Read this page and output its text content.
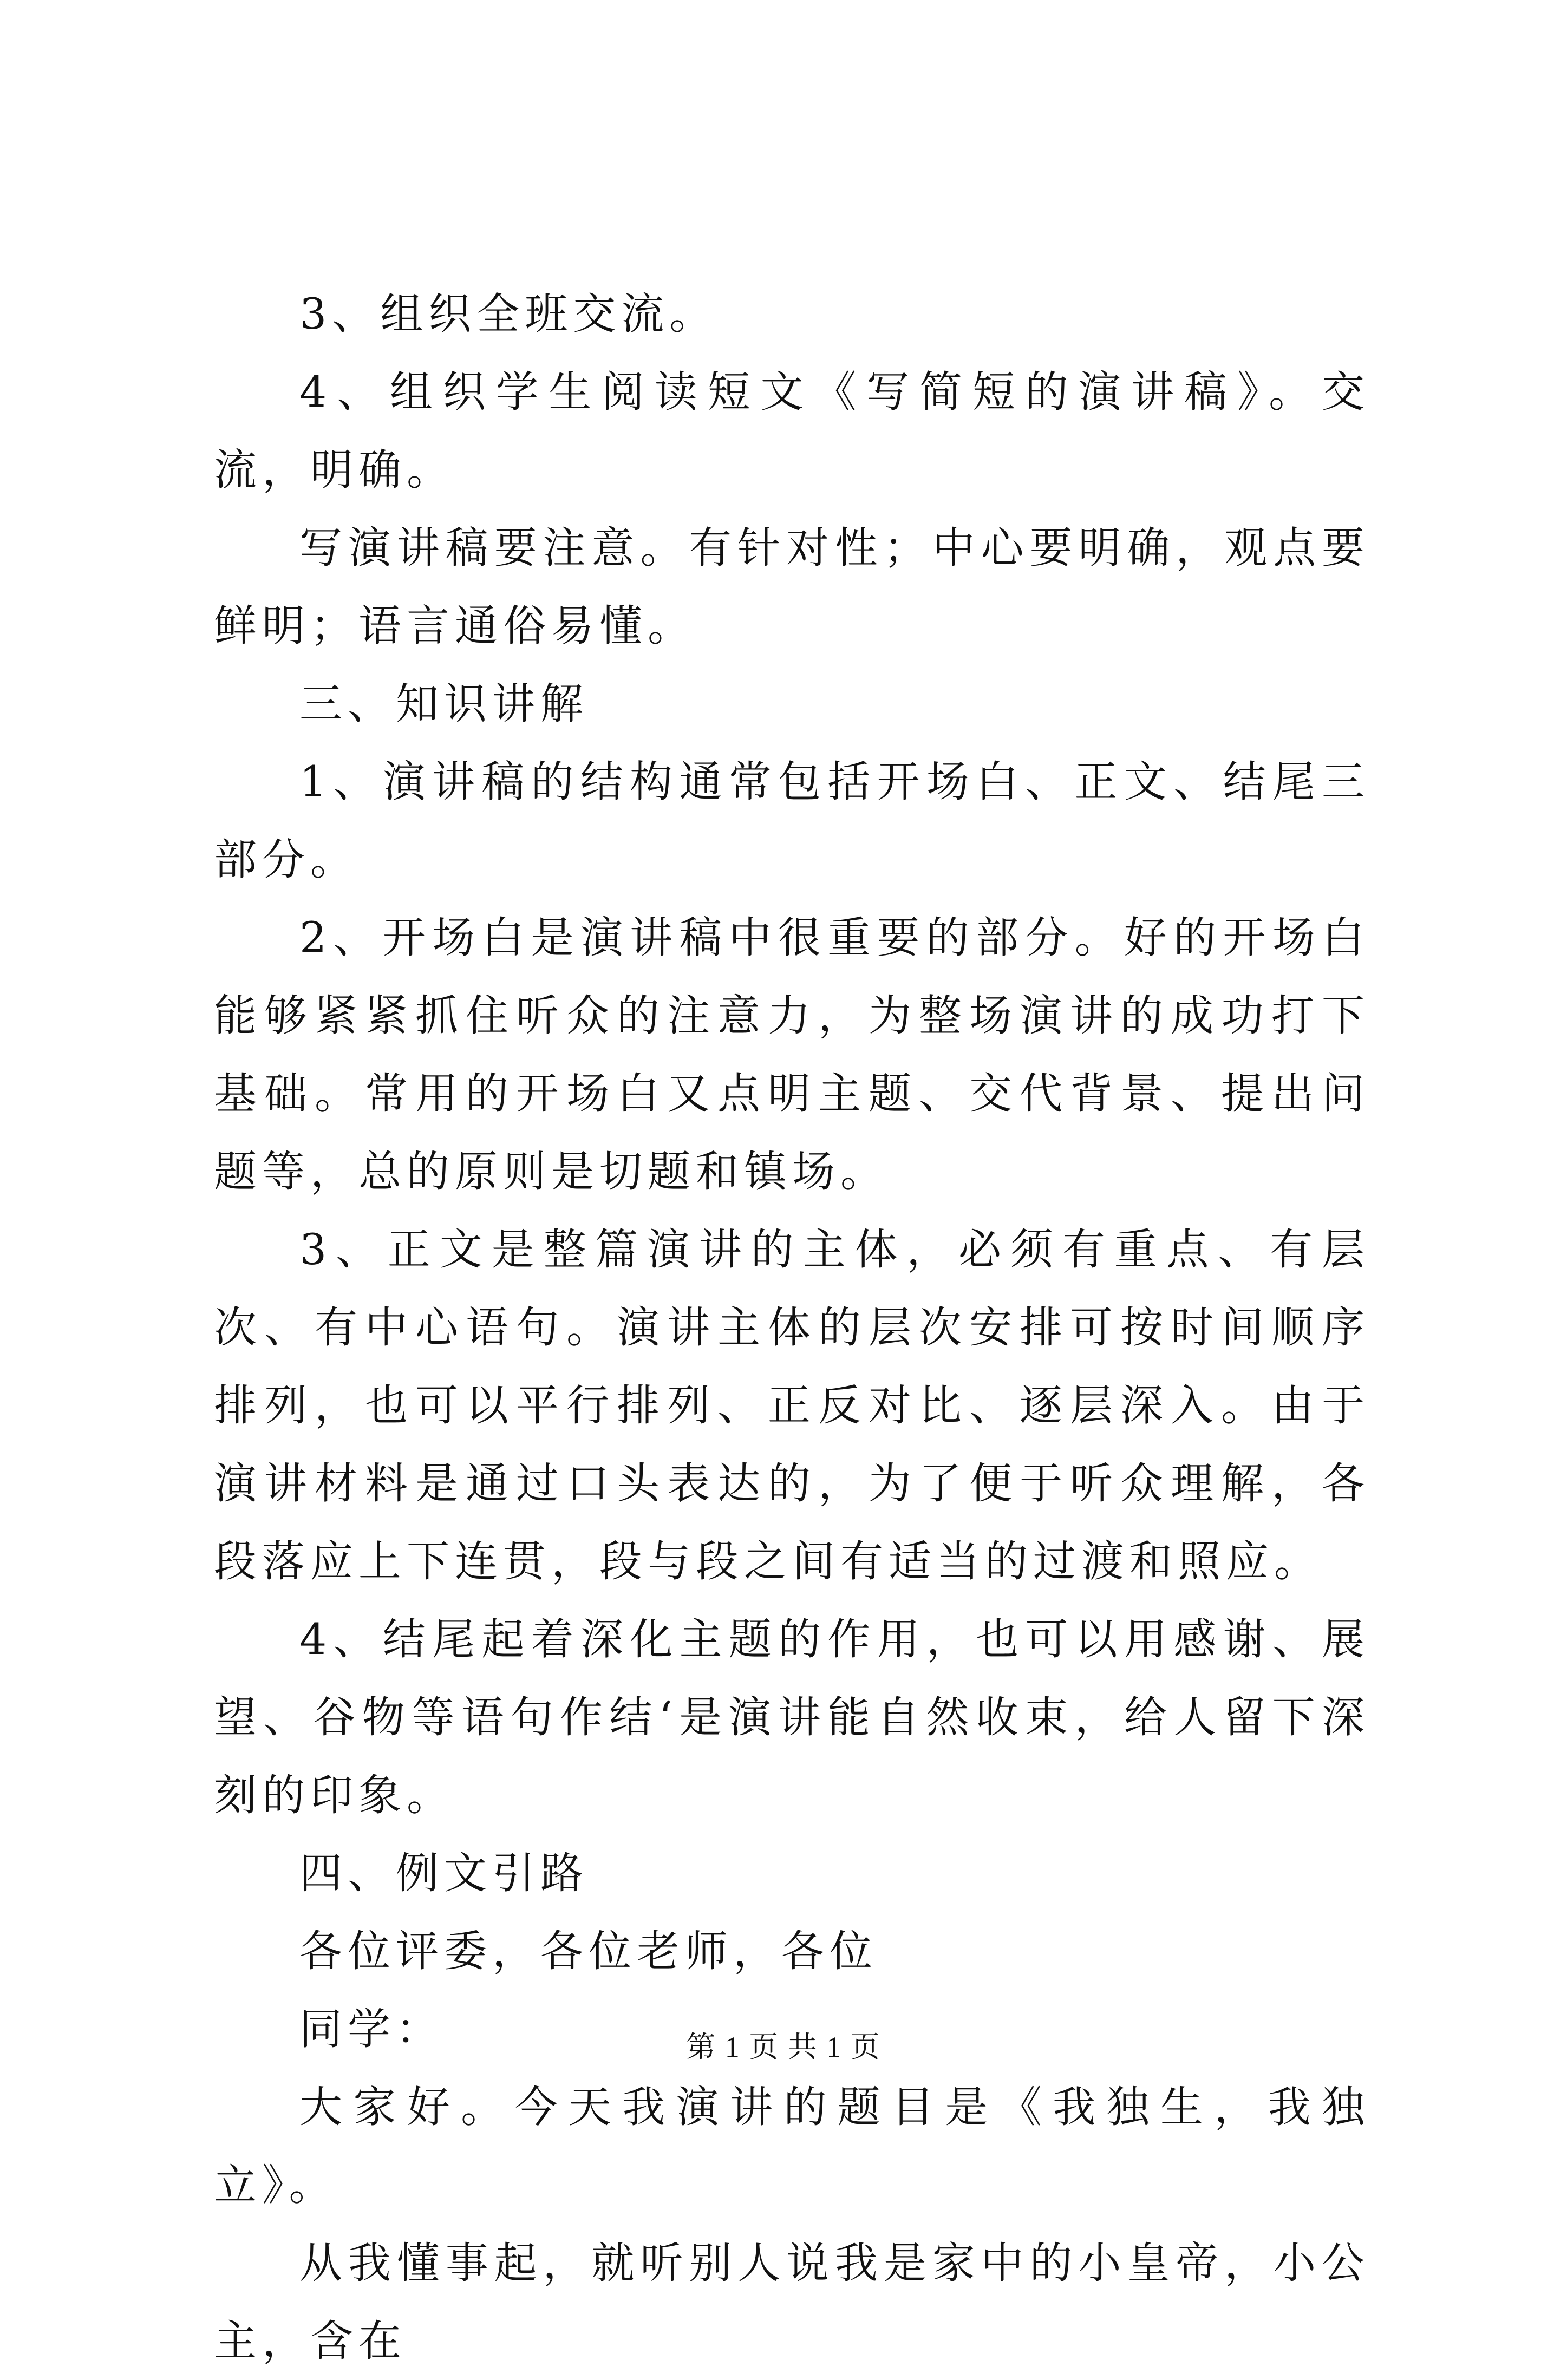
3、组织全班交流。

4、组织学生阅读短文《写简短的演讲稿》。交流，明确。

写演讲稿要注意。有针对性；中心要明确，观点要鲜明；语言通俗易懂。

三、知识讲解

1、演讲稿的结构通常包括开场白、正文、结尾三部分。

2、开场白是演讲稿中很重要的部分。好的开场白能够紧紧抓住听众的注意力，为整场演讲的成功打下基础。常用的开场白又点明主题、交代背景、提出问题等，总的原则是切题和镇场。

3、正文是整篇演讲的主体，必须有重点、有层次、有中心语句。演讲主体的层次安排可按时间顺序排列，也可以平行排列、正反对比、逐层深入。由于演讲材料是通过口头表达的，为了便于听众理解，各段落应上下连贯，段与段之间有适当的过渡和照应。

4、结尾起着深化主题的作用，也可以用感谢、展望、谷物等语句作结‘是演讲能自然收束，给人留下深刻的印象。

四、例文引路

各位评委，各位老师，各位

同学：

大家好。今天我演讲的题目是《我独生，我独立》。

从我懂事起，就听别人说我是家中的小皇帝，小公主，含在

第 1 页 共 1 页
